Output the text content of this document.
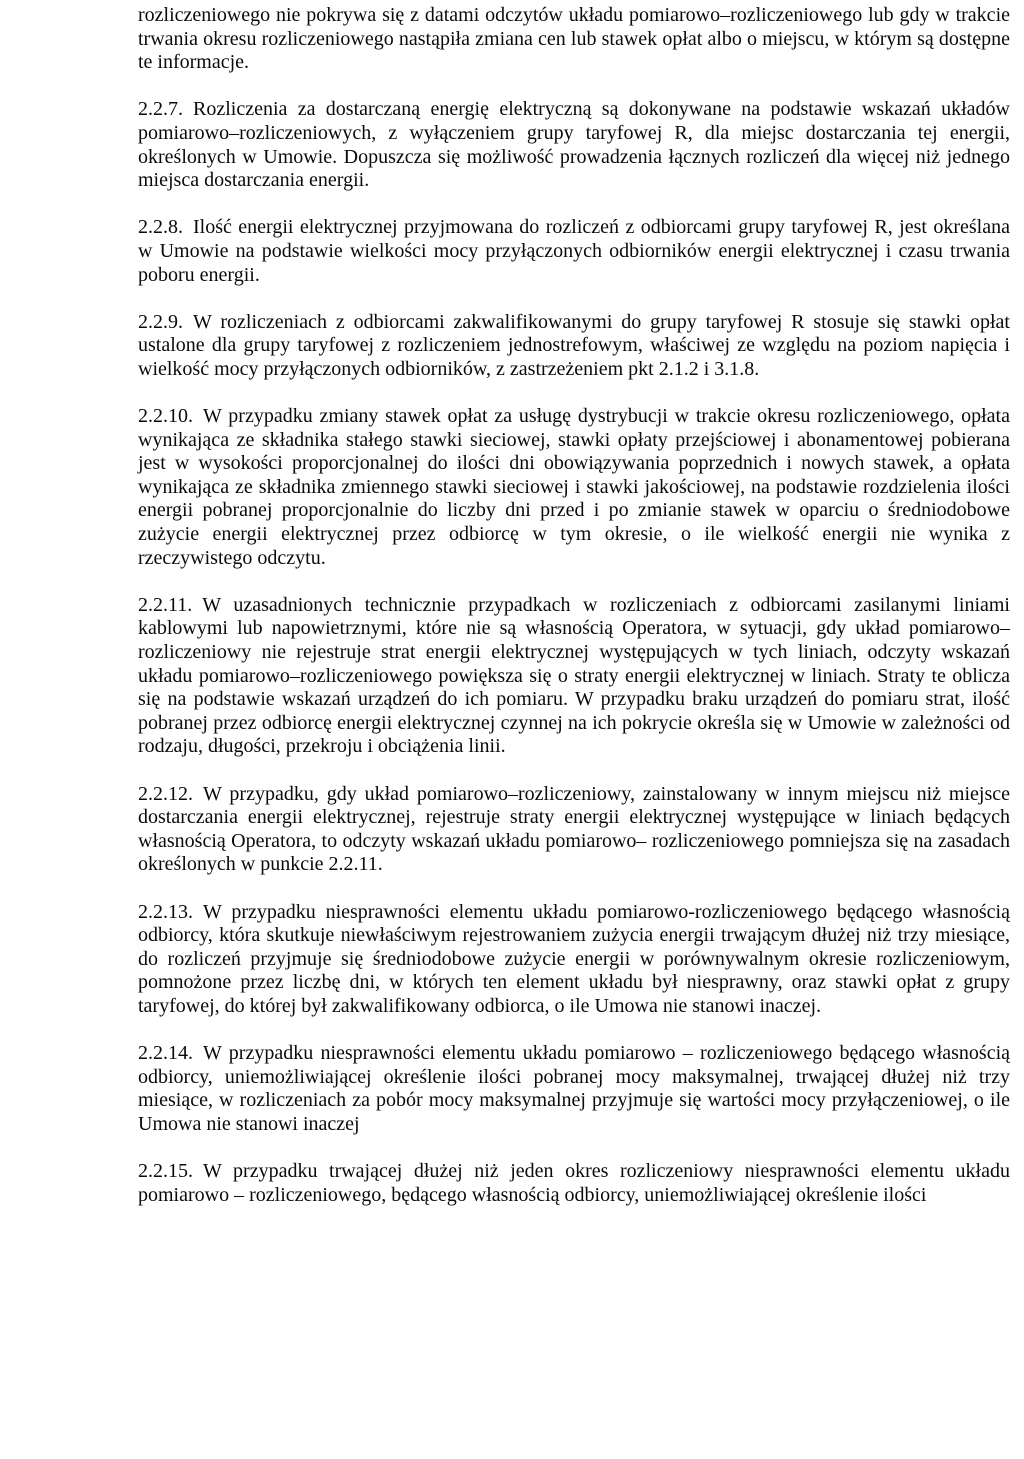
rozliczeniowego nie pokrywa się z datami odczytów układu pomiarowo–rozliczeniowego lub gdy w trakcie trwania okresu rozliczeniowego nastąpiła zmiana cen lub stawek opłat albo o miejscu, w którym są dostępne te informacje.

2.2.7. Rozliczenia za dostarczaną energię elektryczną są dokonywane na podstawie wskazań układów pomiarowo–rozliczeniowych, z wyłączeniem grupy taryfowej R, dla miejsc dostarczania tej energii, określonych w Umowie. Dopuszcza się możliwość prowadzenia łącznych rozliczeń dla więcej niż jednego miejsca dostarczania energii.

2.2.8. Ilość energii elektrycznej przyjmowana do rozliczeń z odbiorcami grupy taryfowej R, jest określana w Umowie na podstawie wielkości mocy przyłączonych odbiorników energii elektrycznej i czasu trwania poboru energii.

2.2.9. W rozliczeniach z odbiorcami zakwalifikowanymi do grupy taryfowej R stosuje się stawki opłat ustalone dla grupy taryfowej z rozliczeniem jednostrefowym, właściwej ze względu na poziom napięcia i wielkość mocy przyłączonych odbiorników, z zastrzeżeniem pkt 2.1.2 i 3.1.8.

2.2.10. W przypadku zmiany stawek opłat za usługę dystrybucji w trakcie okresu rozliczeniowego, opłata wynikająca ze składnika stałego stawki sieciowej, stawki opłaty przejściowej i abonamentowej pobierana jest w wysokości proporcjonalnej do ilości dni obowiązywania poprzednich i nowych stawek, a opłata wynikająca ze składnika zmiennego stawki sieciowej i stawki jakościowej, na podstawie rozdzielenia ilości energii pobranej proporcjonalnie do liczby dni przed i po zmianie stawek w oparciu o średniodobowe zużycie energii elektrycznej przez odbiorcę w tym okresie, o ile wielkość energii nie wynika z rzeczywistego odczytu.

2.2.11. W uzasadnionych technicznie przypadkach w rozliczeniach z odbiorcami zasilanymi liniami kablowymi lub napowietrznymi, które nie są własnością Operatora, w sytuacji, gdy układ pomiarowo–rozliczeniowy nie rejestruje strat energii elektrycznej występujących w tych liniach, odczyty wskazań układu pomiarowo–rozliczeniowego powiększa się o straty energii elektrycznej w liniach. Straty te oblicza się na podstawie wskazań urządzeń do ich pomiaru. W przypadku braku urządzeń do pomiaru strat, ilość pobranej przez odbiorcę energii elektrycznej czynnej na ich pokrycie określa się w Umowie w zależności od rodzaju, długości, przekroju i obciążenia linii.

2.2.12. W przypadku, gdy układ pomiarowo–rozliczeniowy, zainstalowany w innym miejscu niż miejsce dostarczania energii elektrycznej, rejestruje straty energii elektrycznej występujące w liniach będących własnością Operatora, to odczyty wskazań układu pomiarowo– rozliczeniowego pomniejsza się na zasadach określonych w punkcie 2.2.11.

2.2.13. W przypadku niesprawności elementu układu pomiarowo-rozliczeniowego będącego własnością odbiorcy, która skutkuje niewłaściwym rejestrowaniem zużycia energii trwającym dłużej niż trzy miesiące, do rozliczeń przyjmuje się średniodobowe zużycie energii w porównywalnym okresie rozliczeniowym, pomnożone przez liczbę dni, w których ten element układu był niesprawny, oraz stawki opłat z grupy taryfowej, do której był zakwalifikowany odbiorca, o ile Umowa nie stanowi inaczej.

2.2.14. W przypadku niesprawności elementu układu pomiarowo – rozliczeniowego będącego własnością odbiorcy, uniemożliwiającej określenie ilości pobranej mocy maksymalnej, trwającej dłużej niż trzy miesiące, w rozliczeniach za pobór mocy maksymalnej przyjmuje się wartości mocy przyłączeniowej, o ile Umowa nie stanowi inaczej

2.2.15. W przypadku trwającej dłużej niż jeden okres rozliczeniowy niesprawności elementu układu pomiarowo – rozliczeniowego, będącego własnością odbiorcy, uniemożliwiającej określenie ilości
